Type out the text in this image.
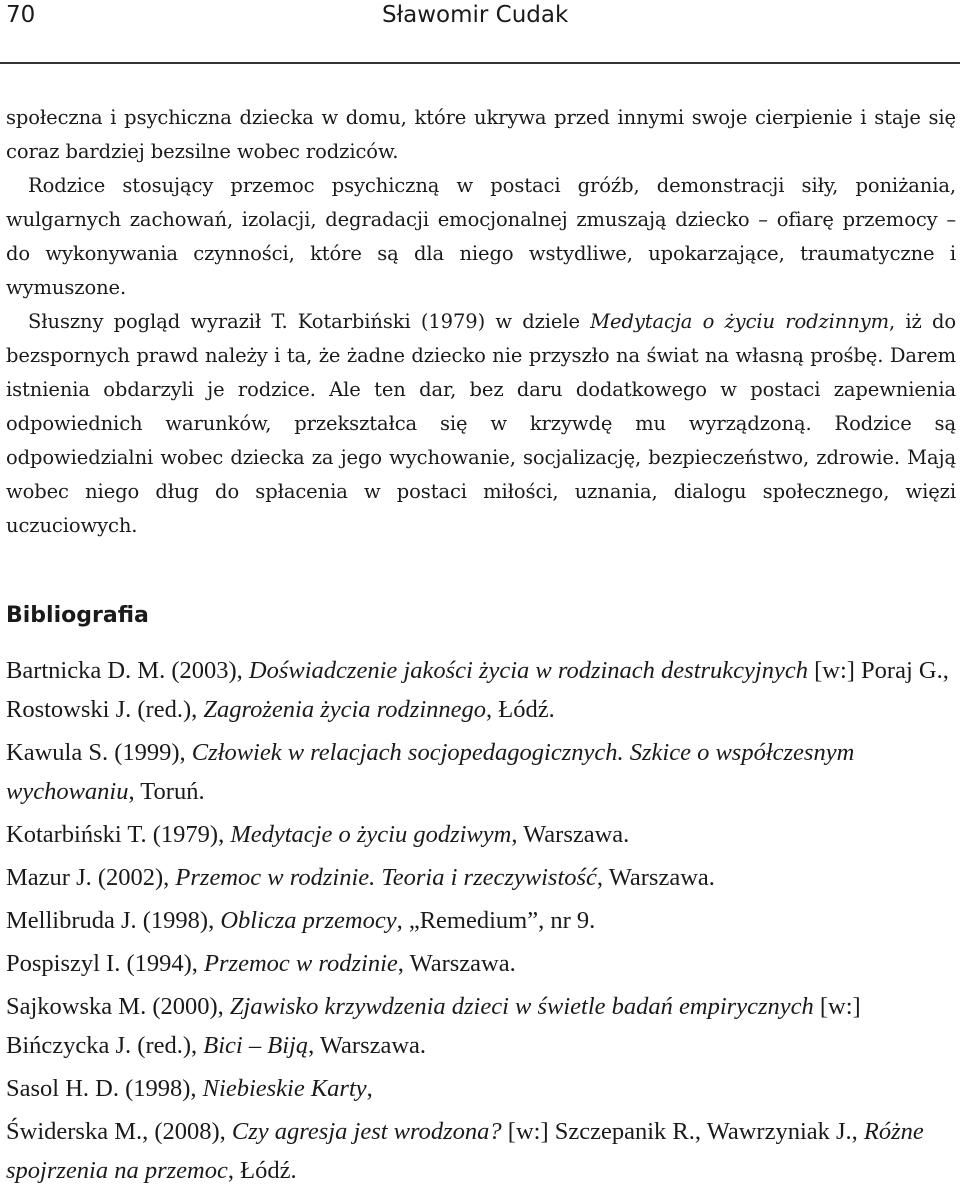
70	Sławomir Cudak

społeczna i psychiczna dziecka w domu, które ukrywa przed innymi swoje cierpienie i staje się coraz bardziej bezsilne wobec rodziców.

Rodzice stosujący przemoc psychiczną w postaci gróźb, demonstracji siły, poniżania, wulgarnych zachowań, izolacji, degradacji emocjonalnej zmuszają dziecko – ofiarę przemocy – do wykonywania czynności, które są dla niego wstydliwe, upokarzające, traumatyczne i wymuszone.

Słuszny pogląd wyraził T. Kotarbiński (1979) w dziele Medytacja o życiu rodzinnym, iż do bezspornych prawd należy i ta, że żadne dziecko nie przyszło na świat na własną prośbę. Darem istnienia obdarzyli je rodzice. Ale ten dar, bez daru dodatkowego w postaci zapewnienia odpowiednich warunków, przekształca się w krzywdę mu wyrządzoną. Rodzice są odpowiedzialni wobec dziecka za jego wychowanie, socjalizację, bezpieczeństwo, zdrowie. Mają wobec niego dług do spłacenia w postaci miłości, uznania, dialogu społecznego, więzi uczuciowych.

Bibliografia
Bartnicka D. M. (2003), Doświadczenie jakości życia w rodzinach destrukcyjnych [w:] Poraj G., Rostowski J. (red.), Zagrożenia życia rodzinnego, Łódź.
Kawula S. (1999), Człowiek w relacjach socjopedagogicznych. Szkice o współczesnym wychowaniu, Toruń.
Kotarbiński T. (1979), Medytacje o życiu godziwym, Warszawa.
Mazur J. (2002), Przemoc w rodzinie. Teoria i rzeczywistość, Warszawa.
Mellibruda J. (1998), Oblicza przemocy, „Remedium”, nr 9.
Pospiszyl I. (1994), Przemoc w rodzinie, Warszawa.
Sajkowska M. (2000), Zjawisko krzywdzenia dzieci w świetle badań empirycznych [w:] Bińczycka J. (red.), Bici – Biją, Warszawa.
Sasol H. D. (1998), Niebieskie Karty,
Świderska M., (2008), Czy agresja jest wrodzona? [w:] Szczepanik R., Wawrzyniak J., Różne spojrzenia na przemoc, Łódź.
